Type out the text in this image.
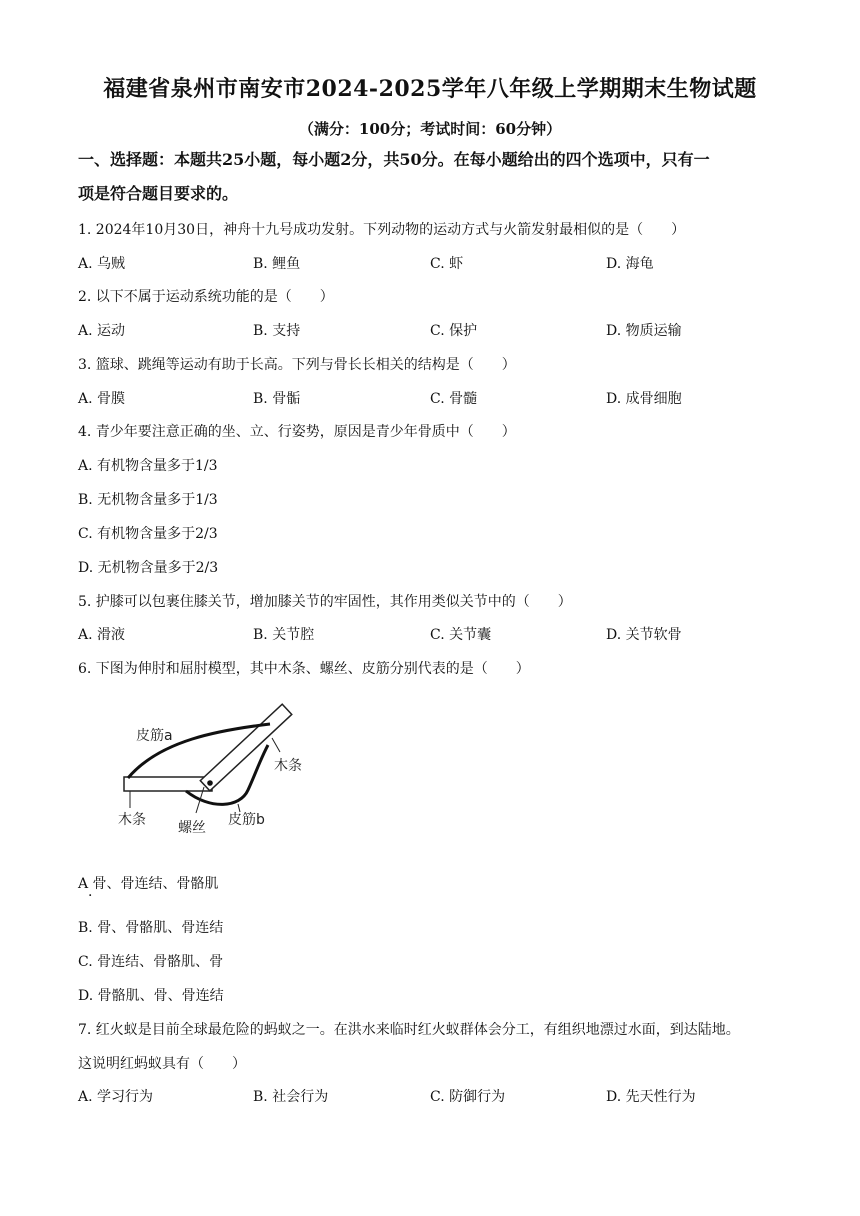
福建省泉州市南安市2024-2025学年八年级上学期期末生物试题
（满分：100分；考试时间：60分钟）
一、选择题：本题共25小题，每小题2分，共50分。在每小题给出的四个选项中，只有一
项是符合题目要求的。
1. 2024年10月30日，神舟十九号成功发射。下列动物的运动方式与火箭发射最相似的是（　　）
A. 乌贼	B. 鲤鱼	C. 虾	D. 海龟
2. 以下不属于运动系统功能的是（　　）
A. 运动	B. 支持	C. 保护	D. 物质运输
3. 篮球、跳绳等运动有助于长高。下列与骨长长相关的结构是（　　）
A. 骨膜	B. 骨骺	C. 骨髓	D. 成骨细胞
4. 青少年要注意正确的坐、立、行姿势，原因是青少年骨质中（　　）
A. 有机物含量多于1/3
B. 无机物含量多于1/3
C. 有机物含量多于2/3
D. 无机物含量多于2/3
5. 护膝可以包裹住膝关节，增加膝关节的牢固性，其作用类似关节中的（　　）
A. 滑液	B. 关节腔	C. 关节囊	D. 关节软骨
6. 下图为伸肘和屈肘模型，其中木条、螺丝、皮筋分别代表的是（　　）
皮筋a
木条
木条 螺丝 皮筋b
A 骨、骨连结、骨骼肌
·
B. 骨、骨骼肌、骨连结
C. 骨连结、骨骼肌、骨
D. 骨骼肌、骨、骨连结
7. 红火蚁是目前全球最危险的蚂蚁之一。在洪水来临时红火蚁群体会分工，有组织地漂过水面，到达陆地。
这说明红蚂蚁具有（　　）
A. 学习行为	B. 社会行为	C. 防御行为	D. 先天性行为
